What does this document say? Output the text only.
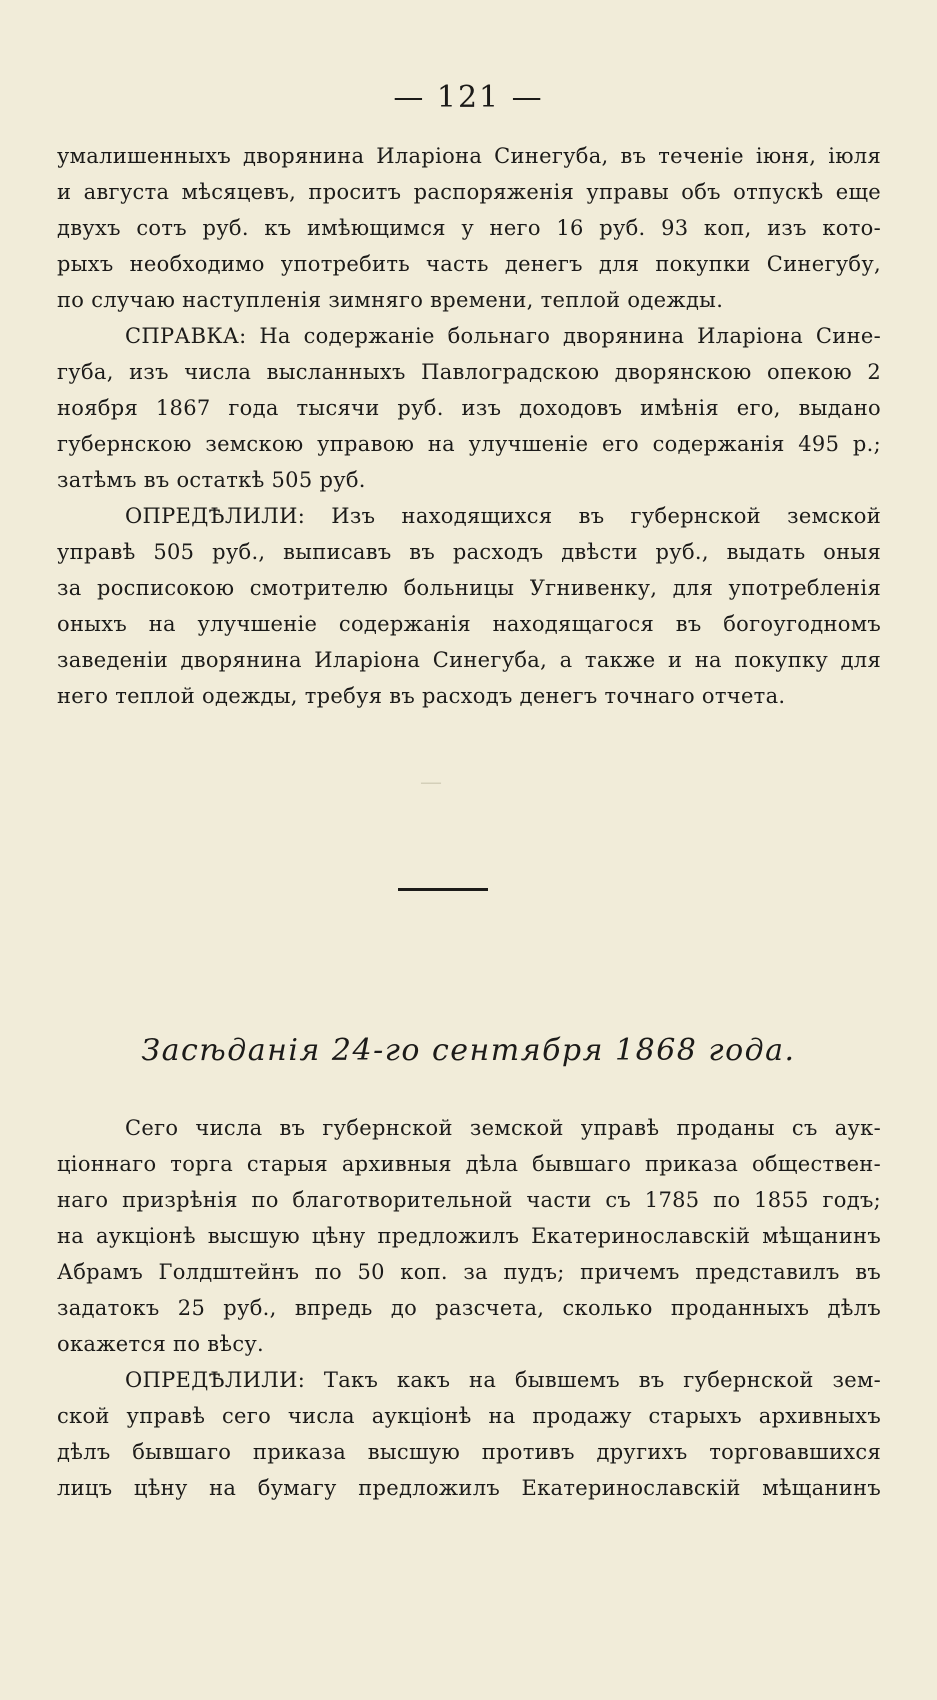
— 121 —
умалишенныхъ дворянина Иларіона Синегуба, въ теченіе іюня, іюля
и августа мѣсяцевъ, проситъ распоряженія управы объ отпускѣ еще
двухъ сотъ руб. къ имѣющимся у него 16 руб. 93 коп, изъ кото-
рыхъ необходимо употребить часть денегъ для покупки Синегубу,
по случаю наступленія зимняго времени, теплой одежды.
СПРАВКА: На содержаніе больнаго дворянина Иларіона Сине-
губа, изъ числа высланныхъ Павлоградскою дворянскою опекою 2
ноября 1867 года тысячи руб. изъ доходовъ имѣнія его, выдано
губернскою земскою управою на улучшеніе его содержанія 495 р.;
затѣмъ въ остаткѣ 505 руб.
ОПРЕДѢЛИЛИ: Изъ находящихся въ губернской земской
управѣ 505 руб., выписавъ въ расходъ двѣсти руб., выдать оныя
за росписокою смотрителю больницы Угнивенку, для употребленія
оныхъ на улучшеніе содержанія находящагося въ богоугодномъ
заведеніи дворянина Иларіона Синегуба, а также и на покупку для
него теплой одежды, требуя въ расходъ денегъ точнаго отчета.
—
Засѣданія 24-го сентября 1868 года.
Сего числа въ губернской земской управѣ проданы съ аук-
ціоннаго торга старыя архивныя дѣла бывшаго приказа обществен-
наго призрѣнія по благотворительной части съ 1785 по 1855 годъ;
на аукціонѣ высшую цѣну предложилъ Екатеринославскій мѣщанинъ
Абрамъ Голдштейнъ по 50 коп. за пудъ; причемъ представилъ въ
задатокъ 25 руб., впредь до разсчета, сколько проданныхъ дѣлъ
окажется по вѣсу.
ОПРЕДѢЛИЛИ: Такъ какъ на бывшемъ въ губернской зем-
ской управѣ сего числа аукціонѣ на продажу старыхъ архивныхъ
дѣлъ бывшаго приказа высшую противъ другихъ торговавшихся
лицъ цѣну на бумагу предложилъ Екатеринославскій мѣщанинъ
